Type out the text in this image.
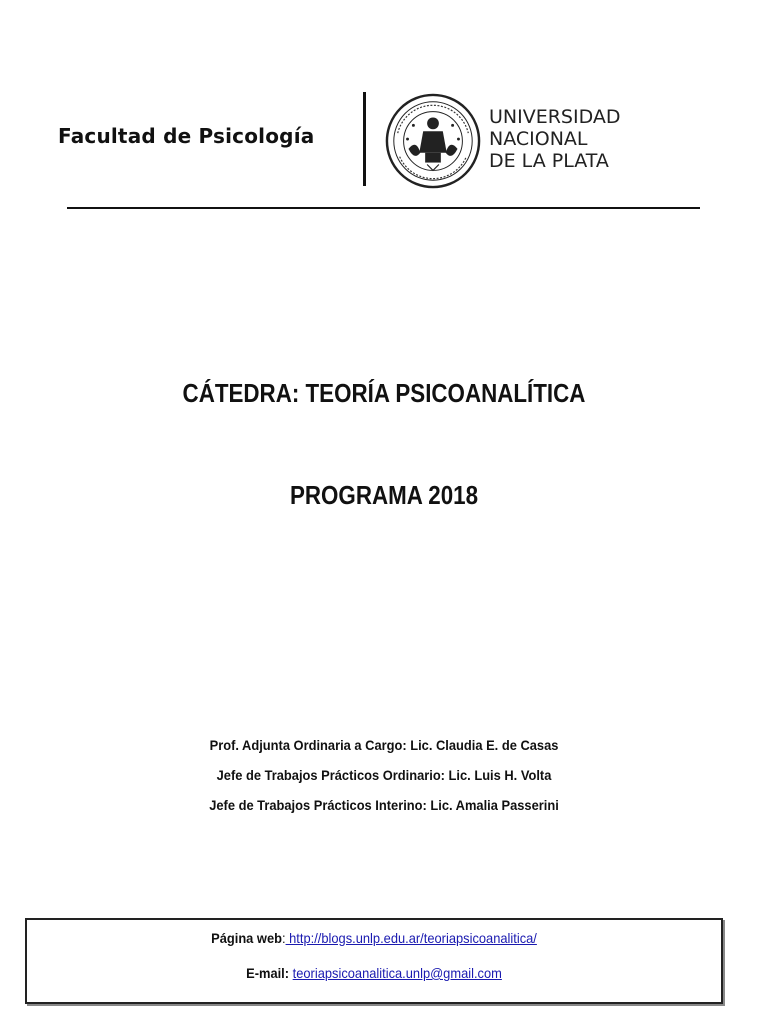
Facultad de Psicología
UNIVERSIDAD
NACIONAL
DE LA PLATA
CÁTEDRA: TEORÍA PSICOANALÍTICA
PROGRAMA 2018
Prof. Adjunta Ordinaria a Cargo: Lic. Claudia E. de Casas
Jefe de Trabajos Prácticos Ordinario: Lic. Luis H. Volta
Jefe de Trabajos Prácticos Interino: Lic. Amalia Passerini
Página web: http://blogs.unlp.edu.ar/teoriapsicoanalitica/
E-mail: teoriapsicoanalitica.unlp@gmail.com
